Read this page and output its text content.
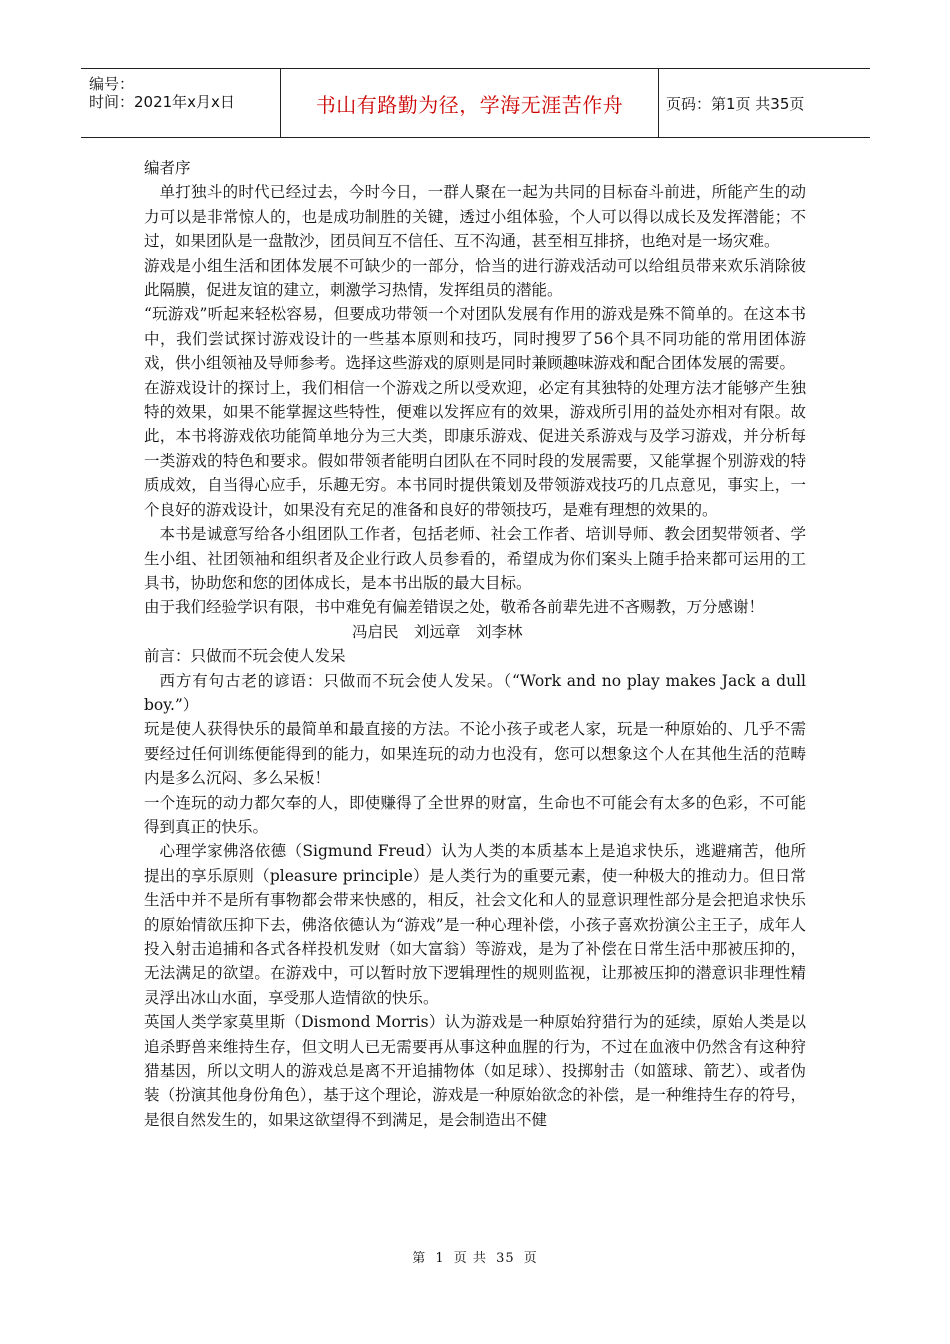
编号：
时间：2021年x月x日	书山有路勤为径，学海无涯苦作舟	页码：第1页 共35页

编者序

单打独斗的时代已经过去，今时今日，一群人聚在一起为共同的目标奋斗前进，所能产生的动力可以是非常惊人的，也是成功制胜的关键，透过小组体验，个人可以得以成长及发挥潜能；不过，如果团队是一盘散沙，团员间互不信任、互不沟通，甚至相互排挤，也绝对是一场灾难。

游戏是小组生活和团体发展不可缺少的一部分，恰当的进行游戏活动可以给组员带来欢乐消除彼此隔膜，促进友谊的建立，刺激学习热情，发挥组员的潜能。

“玩游戏”听起来轻松容易，但要成功带领一个对团队发展有作用的游戏是殊不简单的。在这本书中，我们尝试探讨游戏设计的一些基本原则和技巧，同时搜罗了56个具不同功能的常用团体游戏，供小组领袖及导师参考。选择这些游戏的原则是同时兼顾趣味游戏和配合团体发展的需要。

在游戏设计的探讨上，我们相信一个游戏之所以受欢迎，必定有其独特的处理方法才能够产生独特的效果，如果不能掌握这些特性，便难以发挥应有的效果，游戏所引用的益处亦相对有限。故此，本书将游戏依功能简单地分为三大类，即康乐游戏、促进关系游戏与及学习游戏，并分析每一类游戏的特色和要求。假如带领者能明白团队在不同时段的发展需要，又能掌握个别游戏的特质成效，自当得心应手，乐趣无穷。本书同时提供策划及带领游戏技巧的几点意见，事实上，一个良好的游戏设计，如果没有充足的准备和良好的带领技巧，是难有理想的效果的。

本书是诚意写给各小组团队工作者，包括老师、社会工作者、培训导师、教会团契带领者、学生小组、社团领袖和组织者及企业行政人员参看的，希望成为你们案头上随手拾来都可运用的工具书，协助您和您的团体成长，是本书出版的最大目标。

由于我们经验学识有限，书中难免有偏差错误之处，敬希各前辈先进不吝赐教，万分感谢！

冯启民　刘远章　刘李林

前言：只做而不玩会使人发呆

西方有句古老的谚语：只做而不玩会使人发呆。（“Work and no play makes Jack a dull boy.”）

玩是使人获得快乐的最简单和最直接的方法。不论小孩子或老人家，玩是一种原始的、几乎不需要经过任何训练便能得到的能力，如果连玩的动力也没有，您可以想象这个人在其他生活的范畴内是多么沉闷、多么呆板！

一个连玩的动力都欠奉的人，即使赚得了全世界的财富，生命也不可能会有太多的色彩，不可能得到真正的快乐。

心理学家佛洛依德（Sigmund Freud）认为人类的本质基本上是追求快乐，逃避痛苦，他所提出的享乐原则（pleasure principle）是人类行为的重要元素，使一种极大的推动力。但日常生活中并不是所有事物都会带来快感的，相反，社会文化和人的显意识理性部分是会把追求快乐的原始情欲压抑下去，佛洛依德认为“游戏”是一种心理补偿，小孩子喜欢扮演公主王子，成年人投入射击追捕和各式各样投机发财（如大富翁）等游戏，是为了补偿在日常生活中那被压抑的，无法满足的欲望。在游戏中，可以暂时放下逻辑理性的规则监视，让那被压抑的潜意识非理性精灵浮出冰山水面，享受那人造情欲的快乐。

英国人类学家莫里斯（Dismond Morris）认为游戏是一种原始狩猎行为的延续，原始人类是以追杀野兽来维持生存，但文明人已无需要再从事这种血腥的行为，不过在血液中仍然含有这种狩猎基因，所以文明人的游戏总是离不开追捕物体（如足球）、投掷射击（如篮球、箭艺）、或者伪装（扮演其他身份角色），基于这个理论，游戏是一种原始欲念的补偿，是一种维持生存的符号，是很自然发生的，如果这欲望得不到满足，是会制造出不健

第 1 页 共 35 页
